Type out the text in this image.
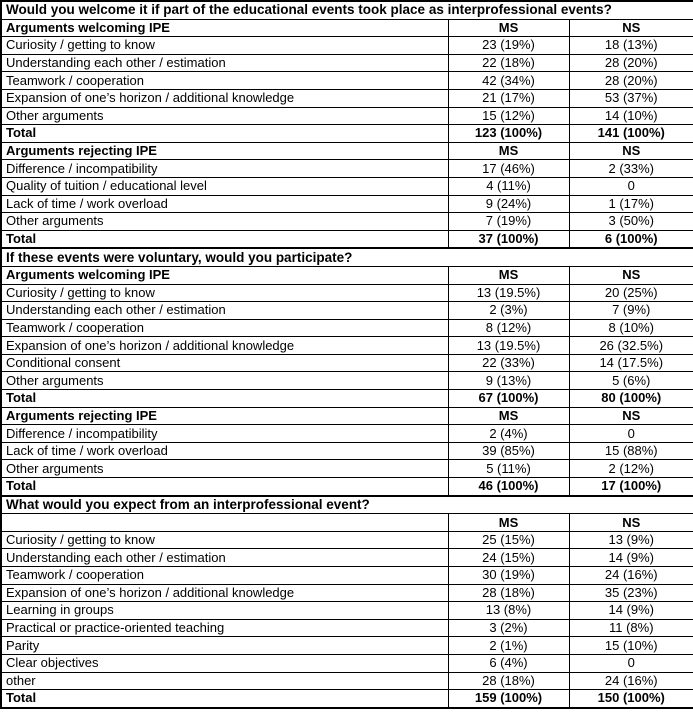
Would you welcome it if part of the educational events took place as interprofessional events?		
Arguments welcoming IPE	MS	NS
Curiosity / getting to know	23 (19%)	18 (13%)
Understanding each other / estimation	22 (18%)	28 (20%)
Teamwork / cooperation	42 (34%)	28 (20%)
Expansion of one’s horizon / additional knowledge	21 (17%)	53 (37%)
Other arguments	15 (12%)	14 (10%)
Total	123 (100%)	141 (100%)
Arguments rejecting IPE	MS	NS
Difference / incompatibility	17 (46%)	2 (33%)
Quality of tuition / educational level	4 (11%)	0
Lack of time / work overload	9 (24%)	1 (17%)
Other arguments	7 (19%)	3 (50%)
Total	37 (100%)	6 (100%)
If these events were voluntary, would you participate?		
Arguments welcoming IPE	MS	NS
Curiosity / getting to know	13 (19.5%)	20 (25%)
Understanding each other / estimation	2 (3%)	7 (9%)
Teamwork / cooperation	8 (12%)	8 (10%)
Expansion of one’s horizon / additional knowledge	13 (19.5%)	26 (32.5%)
Conditional consent	22 (33%)	14 (17.5%)
Other arguments	9 (13%)	5 (6%)
Total	67 (100%)	80 (100%)
Arguments rejecting IPE	MS	NS
Difference / incompatibility	2 (4%)	0
Lack of time / work overload	39 (85%)	15 (88%)
Other arguments	5 (11%)	2 (12%)
Total	46 (100%)	17 (100%)
What would you expect from an interprofessional event?		
	MS	NS
Curiosity / getting to know	25 (15%)	13 (9%)
Understanding each other / estimation	24 (15%)	14 (9%)
Teamwork / cooperation	30 (19%)	24 (16%)
Expansion of one’s horizon / additional knowledge	28 (18%)	35 (23%)
Learning in groups	13 (8%)	14 (9%)
Practical or practice-oriented teaching	3 (2%)	11 (8%)
Parity	2 (1%)	15 (10%)
Clear objectives	6 (4%)	0
other	28 (18%)	24 (16%)
Total	159 (100%)	150 (100%)
